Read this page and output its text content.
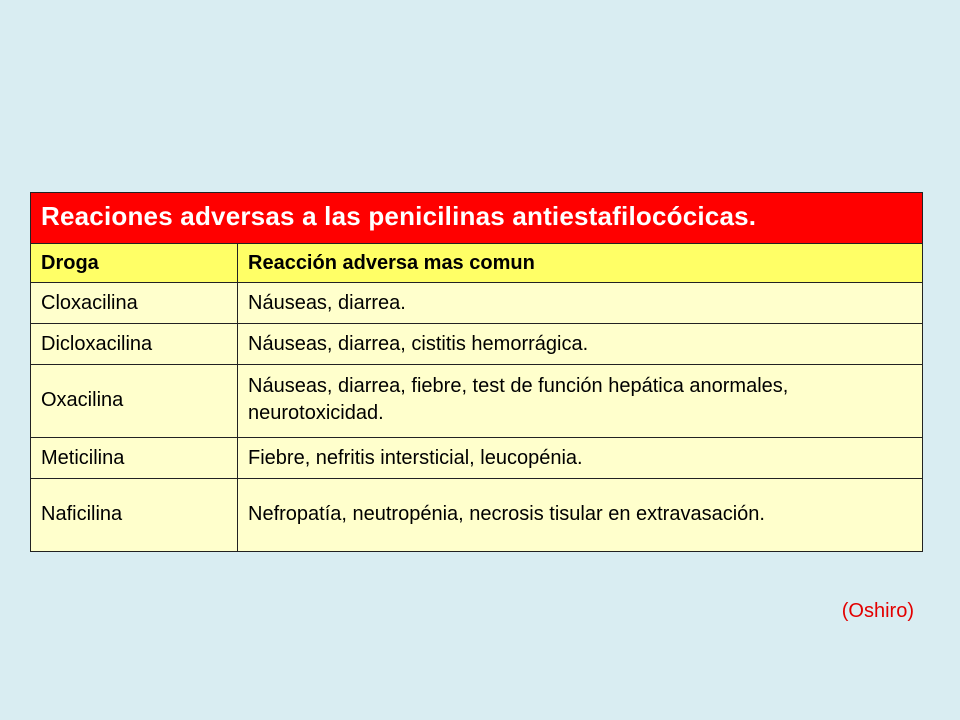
Reaciones adversas a las penicilinas antiestafilocócicas.	
Droga	Reacción adversa mas comun
Cloxacilina	Náuseas, diarrea.
Dicloxacilina	Náuseas, diarrea, cistitis hemorrágica.
Oxacilina	Náuseas, diarrea, fiebre, test de función hepática anormales, neurotoxicidad.
Meticilina	Fiebre, nefritis intersticial, leucopénia.
Naficilina	Nefropatía, neutropénia, necrosis tisular en extravasación.

(Oshiro)
